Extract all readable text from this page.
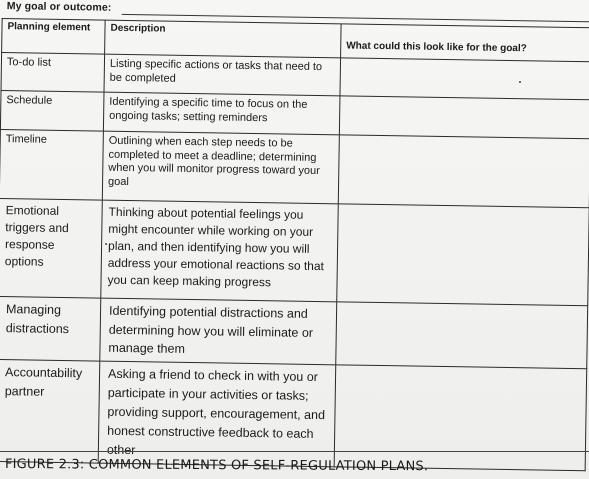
My goal or outcome:
Planning element	Description	What could this look like for the goal?
To-do list	Listing specific actions or tasks that need to be completed	
Schedule	Identifying a specific time to focus on the ongoing tasks; setting reminders	
Timeline	Outlining when each step needs to be completed to meet a deadline; determining when you will monitor progress toward your goal	
Emotional triggers and response options	Thinking about potential feelings you might encounter while working on your plan, and then identifying how you will address your emotional reactions so that you can keep making progress	
Managing distractions	Identifying potential distractions and determining how you will eliminate or manage them	
Accountability partner	Asking a friend to check in with you or participate in your activities or tasks; providing support, encouragement, and honest constructive feedback to each other	
FIGURE 2.3: COMMON ELEMENTS OF SELF-REGULATION PLANS.
